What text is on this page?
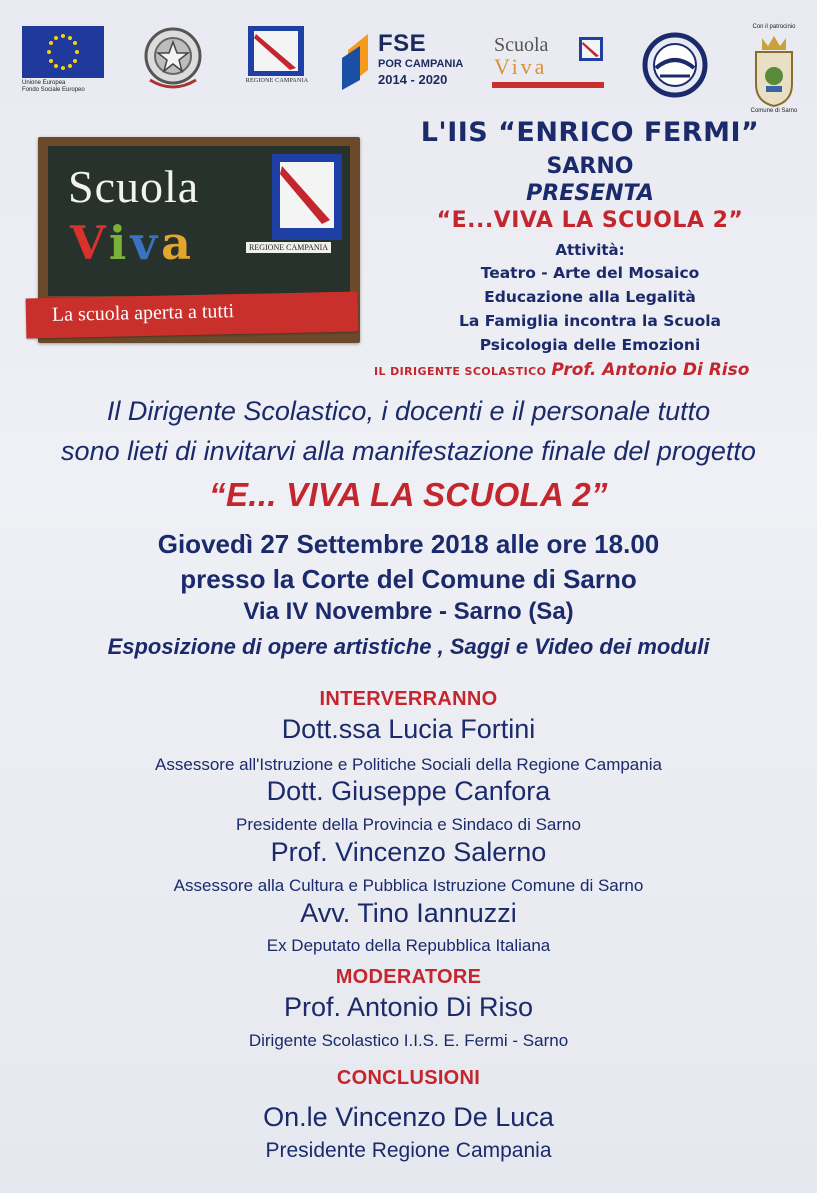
Unione Europea
Fondo Sociale Europeo
REGIONE CAMPANIA
FSE
POR CAMPANIA
2014 - 2020
Scuola
Viva
Con il patrocinio
Comune di Sarno
Scuola
Viva	REGIONE CAMPANIA
La scuola aperta a tutti
L'IIS “ENRICO FERMI”
SARNO
PRESENTA
“E...VIVA LA SCUOLA 2”
Attività:
Teatro - Arte del Mosaico
Educazione alla Legalità
La Famiglia incontra la Scuola
Psicologia delle Emozioni
IL DIRIGENTE SCOLASTICO Prof. Antonio Di Riso
Il Dirigente Scolastico, i docenti e il personale tutto
sono lieti di invitarvi alla manifestazione finale del progetto
“E... VIVA LA SCUOLA 2”
Giovedì 27 Settembre 2018 alle ore 18.00
presso la Corte del Comune di Sarno
Via IV Novembre - Sarno (Sa)
Esposizione di opere artistiche , Saggi e Video dei moduli
INTERVERRANNO
Dott.ssa Lucia Fortini
Assessore all'Istruzione e Politiche Sociali della Regione Campania
Dott. Giuseppe Canfora
Presidente della Provincia e Sindaco di Sarno
Prof. Vincenzo Salerno
Assessore alla Cultura e Pubblica Istruzione Comune di Sarno
Avv. Tino Iannuzzi
Ex Deputato della Repubblica Italiana
MODERATORE
Prof. Antonio Di Riso
Dirigente Scolastico I.I.S. E. Fermi - Sarno
CONCLUSIONI
On.le Vincenzo De Luca
Presidente Regione Campania
